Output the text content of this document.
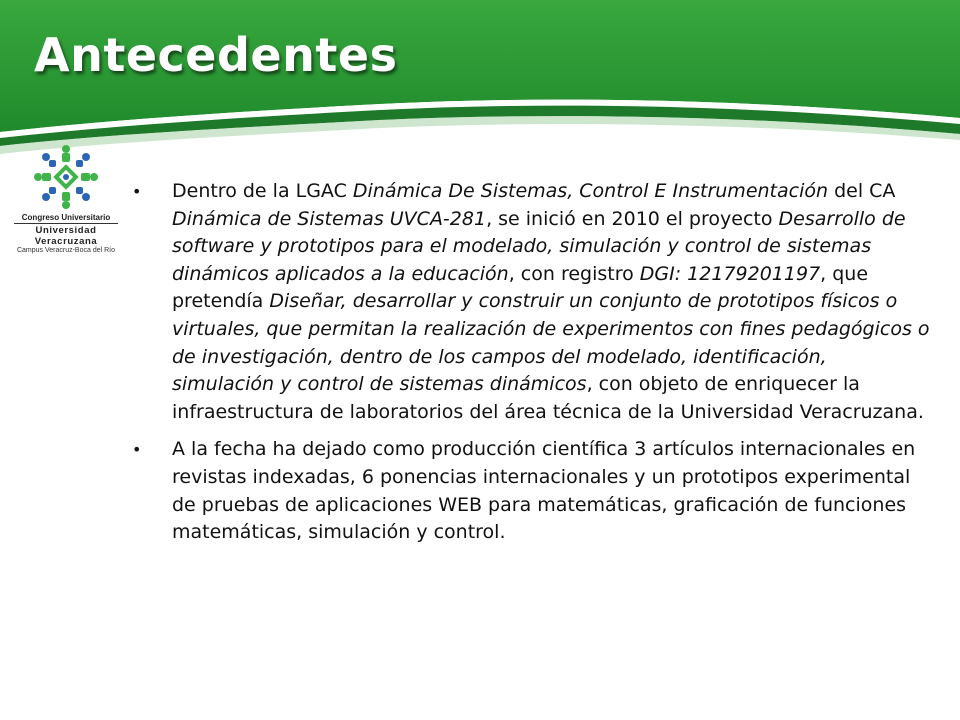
Antecedentes
Congreso Universitario
Universidad Veracruzana
Campus Veracruz-Boca del Río
• Dentro de la LGAC Dinámica De Sistemas, Control E Instrumentación del CA Dinámica de Sistemas UVCA-281, se inició en 2010 el proyecto Desarrollo de software y prototipos para el modelado, simulación y control de sistemas dinámicos aplicados a la educación, con registro DGI: 12179201197, que pretendía Diseñar, desarrollar y construir un conjunto de prototipos físicos o virtuales, que permitan la realización de experimentos con fines pedagógicos o de investigación, dentro de los campos del modelado, identificación, simulación y control de sistemas dinámicos, con objeto de enriquecer la infraestructura de laboratorios del área técnica de la Universidad Veracruzana.

• A la fecha ha dejado como producción científica 3 artículos internacionales en revistas indexadas, 6 ponencias internacionales y un prototipos experimental de pruebas de aplicaciones WEB para matemáticas, graficación de funciones matemáticas, simulación y control.
